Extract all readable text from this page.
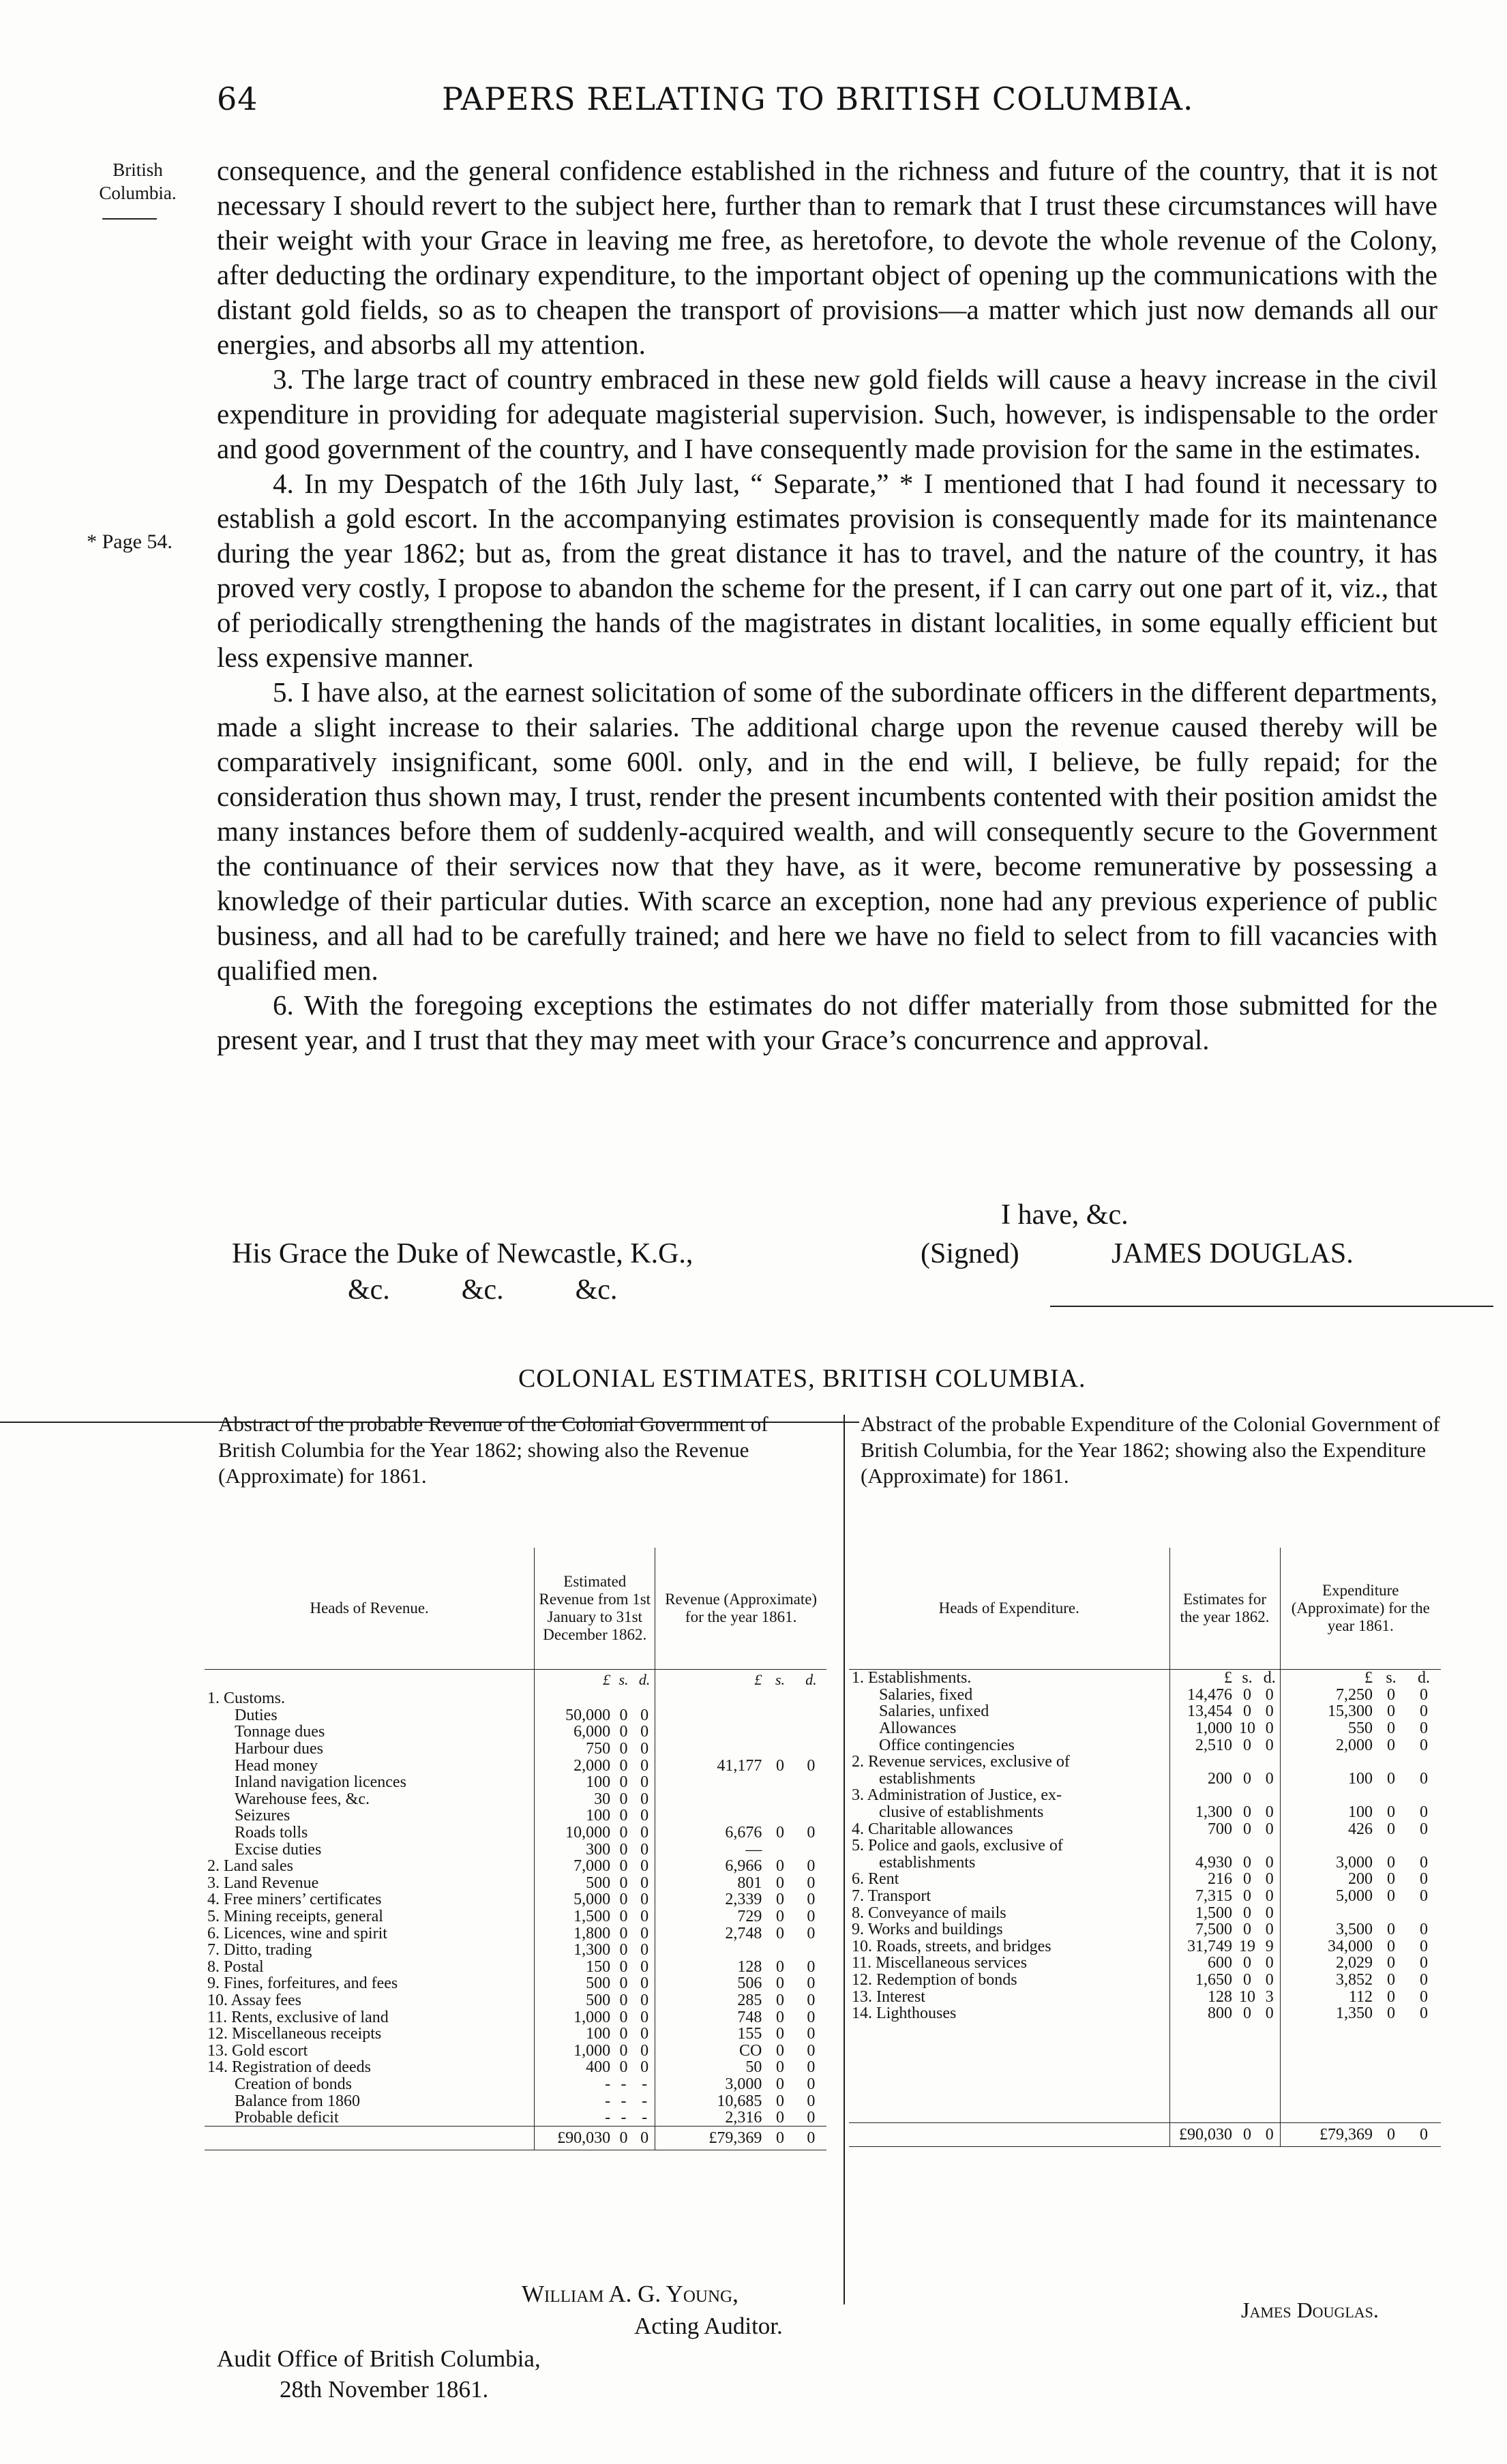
64	PAPERS RELATING TO BRITISH COLUMBIA.
British Columbia.
* Page 54.

consequence, and the general confidence established in the richness and future of the country, that it is not necessary I should revert to the subject here, further than to remark that I trust these circumstances will have their weight with your Grace in leaving me free, as heretofore, to devote the whole revenue of the Colony, after deducting the ordinary expenditure, to the important object of opening up the communications with the distant gold fields, so as to cheapen the transport of provisions—a matter which just now demands all our energies, and absorbs all my attention.

3. The large tract of country embraced in these new gold fields will cause a heavy increase in the civil expenditure in providing for adequate magisterial supervision. Such, however, is indispensable to the order and good government of the country, and I have consequently made provision for the same in the estimates.

4. In my Despatch of the 16th July last, “ Separate,” * I mentioned that I had found it necessary to establish a gold escort. In the accompanying estimates provision is consequently made for its maintenance during the year 1862; but as, from the great distance it has to travel, and the nature of the country, it has proved very costly, I propose to abandon the scheme for the present, if I can carry out one part of it, viz., that of periodically strengthening the hands of the magistrates in distant localities, in some equally efficient but less expensive manner.

5. I have also, at the earnest solicitation of some of the subordinate officers in the different departments, made a slight increase to their salaries. The additional charge upon the revenue caused thereby will be comparatively insignificant, some 600l. only, and in the end will, I believe, be fully repaid; for the consideration thus shown may, I trust, render the present incumbents contented with their position amidst the many instances before them of suddenly-acquired wealth, and will consequently secure to the Government the continuance of their services now that they have, as it were, become remunerative by possessing a knowledge of their particular duties. With scarce an exception, none had any previous experience of public business, and all had to be carefully trained; and here we have no field to select from to fill vacancies with qualified men.

6. With the foregoing exceptions the estimates do not differ materially from those submitted for the present year, and I trust that they may meet with your Grace’s concurrence and approval.

I have, &c.
His Grace the Duke of Newcastle, K.G.,	(Signed)	JAMES DOUGLAS.
&c.          &c.          &c.
COLONIAL ESTIMATES, BRITISH COLUMBIA.
Abstract of the probable Revenue of the Colonial Government of British Columbia for the Year 1862; showing also the Revenue (Approximate) for 1861.
Abstract of the probable Expenditure of the Colonial Government of British Columbia, for the Year 1862; showing also the Expenditure (Approximate) for 1861.
Heads of Revenue.	Estimated Revenue from 1st January to 31st December 1862.			Revenue (Approximate) for the year 1861.		
	£	s.	d.	£	s.	d.
1. Customs.						
Duties	50,000	0	0			
Tonnage dues	6,000	0	0			
Harbour dues	750	0	0			
Head money	2,000	0	0	41,177	0	0
Inland navigation licences	100	0	0			
Warehouse fees, &c.	30	0	0			
Seizures	100	0	0			
Roads tolls	10,000	0	0	6,676	0	0
Excise duties	300	0	0	—		
2. Land sales	7,000	0	0	6,966	0	0
3. Land Revenue	500	0	0	801	0	0
4. Free miners’ certificates	5,000	0	0	2,339	0	0
5. Mining receipts, general	1,500	0	0	729	0	0
6. Licences, wine and spirit	1,800	0	0	2,748	0	0
7. Ditto, trading	1,300	0	0			
8. Postal	150	0	0	128	0	0
9. Fines, forfeitures, and fees	500	0	0	506	0	0
10. Assay fees	500	0	0	285	0	0
11. Rents, exclusive of land	1,000	0	0	748	0	0
12. Miscellaneous receipts	100	0	0	155	0	0
13. Gold escort	1,000	0	0	CO	0	0
14. Registration of deeds	400	0	0	50	0	0
Creation of bonds	-	-	-	3,000	0	0
Balance from 1860	-	-	-	10,685	0	0
Probable deficit	-	-	-	2,316	0	0
	£90,030	0	0	£79,369	0	0
Heads of Expenditure.	Estimates for the year 1862.			Expenditure (Approximate) for the year 1861.		
1. Establishments.	£	s.	d.	£	s.	d.
Salaries, fixed	14,476	0	0	7,250	0	0
Salaries, unfixed	13,454	0	0	15,300	0	0
Allowances	1,000	10	0	550	0	0
Office contingencies	2,510	0	0	2,000	0	0
2. Revenue services, exclusive of						
establishments	200	0	0	100	0	0
3. Administration of Justice, ex-						
clusive of establishments	1,300	0	0	100	0	0
4. Charitable allowances	700	0	0	426	0	0
5. Police and gaols, exclusive of						
establishments	4,930	0	0	3,000	0	0
6. Rent	216	0	0	200	0	0
7. Transport	7,315	0	0	5,000	0	0
8. Conveyance of mails	1,500	0	0			
9. Works and buildings	7,500	0	0	3,500	0	0
10. Roads, streets, and bridges	31,749	19	9	34,000	0	0
11. Miscellaneous services	600	0	0	2,029	0	0
12. Redemption of bonds	1,650	0	0	3,852	0	0
13. Interest	128	10	3	112	0	0
14. Lighthouses	800	0	0	1,350	0	0

	£90,030	0	0	£79,369	0	0
William A. G. Young,
Acting Auditor.
James Douglas.
Audit Office of British Columbia,
28th November 1861.
